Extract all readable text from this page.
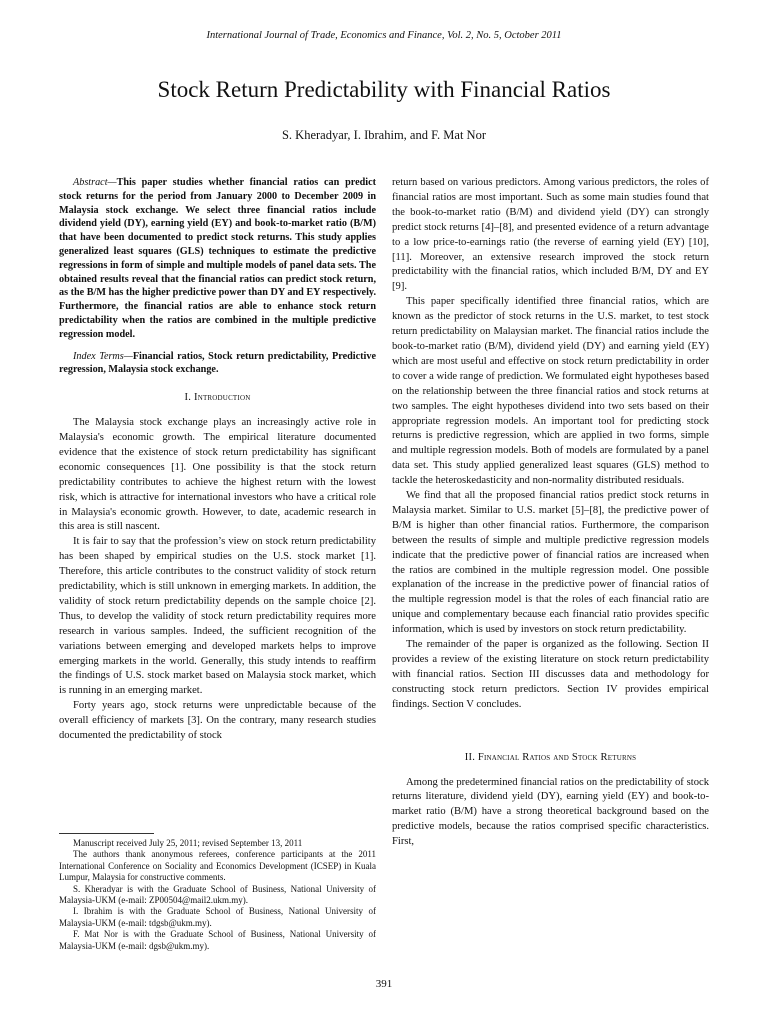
International Journal of Trade, Economics and Finance, Vol. 2, No. 5, October 2011
Stock Return Predictability with Financial Ratios
S. Kheradyar, I. Ibrahim, and F. Mat Nor

Abstract—This paper studies whether financial ratios can predict stock returns for the period from January 2000 to December 2009 in Malaysia stock exchange. We select three financial ratios include dividend yield (DY), earning yield (EY) and book-to-market ratio (B/M) that have been documented to predict stock returns. This study applies generalized least squares (GLS) techniques to estimate the predictive regressions in form of simple and multiple models of panel data sets. The obtained results reveal that the financial ratios can predict stock return, as the B/M has the higher predictive power than DY and EY respectively. Furthermore, the financial ratios are able to enhance stock return predictability when the ratios are combined in the multiple predictive regression model.

Index Terms—Financial ratios, Stock return predictability, Predictive regression, Malaysia stock exchange.

I. Introduction

The Malaysia stock exchange plays an increasingly active role in Malaysia's economic growth. The empirical literature documented evidence that the existence of stock return predictability has significant economic consequences [1]. One possibility is that the stock return predictability contributes to achieve the highest return with the lowest risk, which is attractive for international investors who have a critical role in Malaysia's economic growth. However, to date, academic research in this area is still nascent.

It is fair to say that the profession’s view on stock return predictability has been shaped by empirical studies on the U.S. stock market [1]. Therefore, this article contributes to the construct validity of stock return predictability, which is still unknown in emerging markets. In addition, the validity of stock return predictability depends on the sample choice [2]. Thus, to develop the validity of stock return predictability requires more research in various samples. Indeed, the sufficient recognition of the variations between emerging and developed markets helps to improve emerging markets in the world. Generally, this study intends to reaffirm the findings of U.S. stock market based on Malaysia stock market, which is running in an emerging market.

Forty years ago, stock returns were unpredictable because of the overall efficiency of markets [3]. On the contrary, many research studies documented the predictability of stock

Manuscript received July 25, 2011; revised September 13, 2011

The authors thank anonymous referees, conference participants at the 2011 International Conference on Sociality and Economics Development (ICSEP) in Kuala Lumpur, Malaysia for constructive comments.

S. Kheradyar is with the Graduate School of Business, National University of Malaysia-UKM (e-mail: ZP00504@mail2.ukm.my).

I. Ibrahim is with the Graduate School of Business, National University of Malaysia-UKM (e-mail: tdgsb@ukm.my).

F. Mat Nor is with the Graduate School of Business, National University of Malaysia-UKM (e-mail: dgsb@ukm.my).

return based on various predictors. Among various predictors, the roles of financial ratios are most important. Such as some main studies found that the book-to-market ratio (B/M) and dividend yield (DY) can strongly predict stock returns [4]–[8], and presented evidence of a return advantage to a low price-to-earnings ratio (the reverse of earning yield (EY) [10], [11]. Moreover, an extensive research improved the stock return predictability with the financial ratios, which included B/M, DY and EY [9].

This paper specifically identified three financial ratios, which are known as the predictor of stock returns in the U.S. market, to test stock return predictability on Malaysian market. The financial ratios include the book-to-market ratio (B/M), dividend yield (DY) and earning yield (EY) which are most useful and effective on stock return predictability in order to cover a wide range of prediction. We formulated eight hypotheses based on the relationship between the three financial ratios and stock returns at two samples. The eight hypotheses dividend into two sets based on their appropriate regression models. An important tool for predicting stock returns is predictive regression, which are applied in two forms, simple and multiple regression models. Both of models are formulated by a panel data set. This study applied generalized least squares (GLS) method to tackle the heteroskedasticity and non-normality distributed residuals.

We find that all the proposed financial ratios predict stock returns in Malaysia market. Similar to U.S. market [5]–[8], the predictive power of B/M is higher than other financial ratios. Furthermore, the comparison between the results of simple and multiple predictive regression models indicate that the predictive power of financial ratios are increased when the ratios are combined in the multiple regression model. One possible explanation of the increase in the predictive power of financial ratios of the multiple regression model is that the roles of each financial ratio are unique and complementary because each financial ratio provides specific information, which is used by investors on stock return predictability.

The remainder of the paper is organized as the following. Section II provides a review of the existing literature on stock return predictability with financial ratios. Section III discusses data and methodology for constructing stock return predictors. Section IV provides empirical findings. Section V concludes.

II. Financial Ratios and Stock Returns

Among the predetermined financial ratios on the predictability of stock returns literature, dividend yield (DY), earning yield (EY) and book-to-market ratio (B/M) have a strong theoretical background based on the predictive models, because the ratios comprised specific characteristics. First,

391
